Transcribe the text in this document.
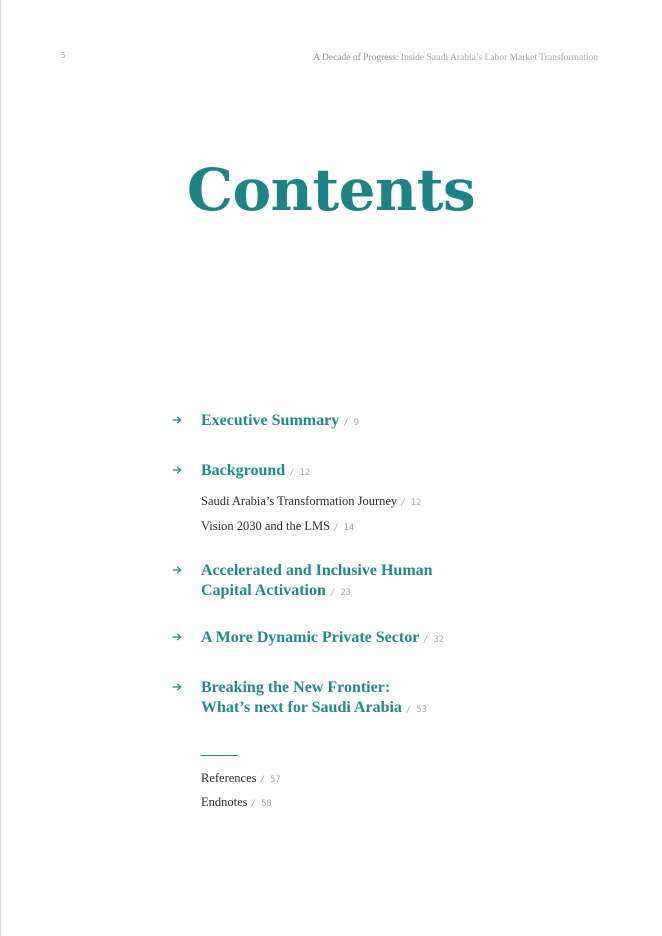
5	A Decade of Progress: Inside Saudi Arabia’s Labor Market Transformation
Contents
Executive Summary / 9
Background / 12
Saudi Arabia’s Transformation Journey / 12
Vision 2030 and the LMS / 14
Accelerated and Inclusive Human
Capital Activation / 23
A More Dynamic Private Sector / 32
Breaking the New Frontier:
What’s next for Saudi Arabia / 53
References / 57
Endnotes / 58
